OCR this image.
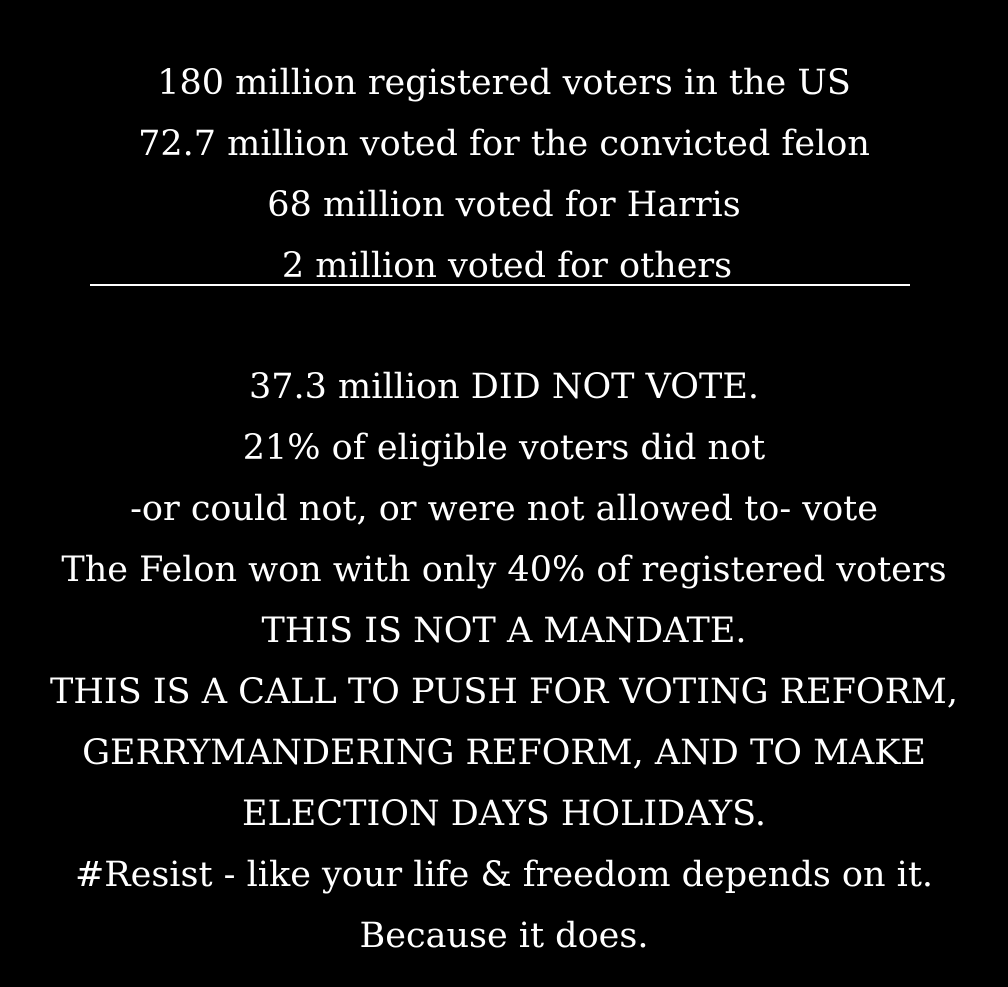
180 million registered voters in the US
72.7 million voted for the convicted felon
68 million voted for Harris
2 million voted for others
37.3 million DID NOT VOTE.
21% of eligible voters did not
-or could not, or were not allowed to- vote
The Felon won with only 40% of registered voters
THIS IS NOT A MANDATE.
THIS IS A CALL TO PUSH FOR VOTING REFORM,
GERRYMANDERING REFORM, AND TO MAKE
ELECTION DAYS HOLIDAYS.
#Resist - like your life & freedom depends on it.
Because it does.
